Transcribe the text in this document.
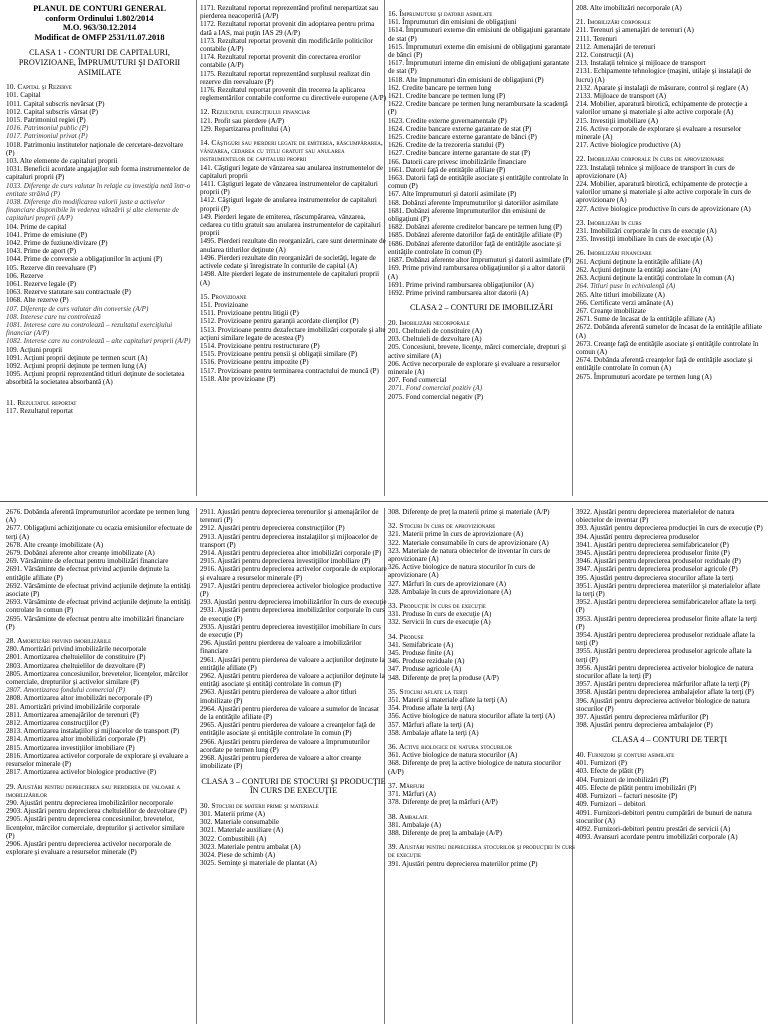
PLANUL DE CONTURI GENERAL
conform Ordinului 1.802/2014
M.O. 963/30.12.2014
Modificat de OMFP 2531/11.07.2018
CLASA 1 - CONTURI DE CAPITALURI, PROVIZIOANE, ÎMPRUMUTURI ŞI DATORII ASIMILATE
10. Capital şi Rezerve
101. Capital
1011. Capital subscris nevărsat (P)
1012. Capital subscris vărsat (P)
1015. Patrimoniul regiei (P)
1016. Patrimoniul public (P)
1017. Patrimoniul privat (P)
1018. Patrimoniu institutelor naţionale de cercetare-dezvoltare (P)
103. Alte elemente de capitaluri proprii
1031. Beneficii acordate angajaţilor sub forma instrumentelor de capitaluri proprii (P)
1033. Diferenţe de curs valutar în relaţie cu investiţia netă într-o entitate străină (P)
1038. Diferenţe din modificarea valorii juste a activelor financiare disponibile în vederea vânzării şi alte elemente de capitaluri proprii (A/P)
104. Prime de capital
1041. Prime de emisiune (P)
1042. Prime de fuziune/divizare (P)
1043. Prime de aport (P)
1044. Prime de conversie a obligaţiunilor în acţiuni (P)
105. Rezerve din reevaluare (P)
106. Rezerve
1061. Rezerve legale (P)
1063. Rezerve statutare sau contractuale (P)
1068. Alte rezerve (P)
107. Diferenţe de curs valutar din conversie (A/P)
108. Interese care nu controlează
1081. Interese care nu controlează – rezultatul exerciţiului financiar (A/P)
1082. Interese care nu controlează – alte capitaluri proprii (A/P)
109. Acţiuni proprii
1091. Acţiuni proprii deţinute pe termen scurt (A)
1092. Acţiuni proprii deţinute pe termen lung (A)
1095. Acţiuni proprii reprezentând titluri deţinute de societatea absorbită la societatea absorbantă (A)
11. Rezultatul reportat
117. Rezultatul reportat
1171. Rezultatul reportat reprezentând profitul nerepartizat sau pierderea neacoperită (A/P)
1172. Rezultatul reportat provenit din adoptarea pentru prima dată a IAS, mai puţin IAS 29 (A/P)
1173. Rezultatul reportat provenit din modificările politicilor contabile (A/P)
1174. Rezultatul reportat provenit din corectarea erorilor contabile (A/P)
1175. Rezultatul reportat reprezentând surplusul realizat din rezerve din reevaluare (P)
1176. Rezultatul reportat provenit din trecerea la aplicarea reglementărilor contabile conforme cu directivele europene (A/P)
12. Rezultatul exerciţiului financiar
121. Profit sau pierdere (A/P)
129. Repartizarea profitului (A)
14. Câştiguri sau pierderi legate de emiterea, răscumpărarea, vânzarea, cedarea cu titlu gratuit sau anularea instrumentelor de capitaluri proprii
141. Câştiguri legate de vânzarea sau anularea instrumentelor de capitaluri proprii
1411. Câştiguri legate de vânzarea instrumentelor de capitaluri proprii (P)
1412. Câştiguri legate de anularea instrumentelor de capitaluri proprii (P)
149. Pierderi legate de emiterea, răscumpărarea, vânzarea, cedarea cu titlu gratuit sau anularea instrumentelor de capitaluri proprii
1495. Pierderi rezultate din reorganizări, care sunt determinate de anularea titlurilor deţinute (A)
1496. Pierderi rezultate din reorganizări de societăţi, legate de activele cedate şi înregistrate în conturile de capital (A)
1498. Alte pierderi legate de instrumentele de capitaluri proprii (A)
15. Provizioane
151. Provizioane
1511. Provizioane pentru litigii (P)
1512. Provizioane pentru garanţii acordate clienţilor (P)
1513. Provizioane pentru dezafectare imobilizări corporale şi alte acţiuni similare legate de acestea (P)
1514. Provizioane pentru restructurare (P)
1515. Provizioane pentru pensii şi obligaţii similare (P)
1516. Provizioane pentru impozite (P)
1517. Provizioane pentru terminarea contractului de muncă (P)
1518. Alte provizioane (P)
16. Împrumuturi şi datorii asimilate
161. Împrumuturi din emisiuni de obligaţiuni
1614. Împrumuturi externe din emisiuni de obligaţiuni garantate de stat (P)
1615. Împrumuturi externe din emisiuni de obligaţiuni garantate de bănci (P)
1617. Împrumuturi interne din emisiuni de obligaţiuni garantate de stat (P)
1618. Alte împrumuturi din emisiuni de obligaţiuni (P)
162. Credite bancare pe termen lung
1621. Credite bancare pe termen lung (P)
1622. Credite bancare pe termen lung nerambursate la scadenţă (P)
1623. Credite externe guvernamentale (P)
1624. Credite bancare externe garantate de stat (P)
1625. Credite bancare externe garantate de bănci (P)
1626. Credite de la trezoreria statului (P)
1627. Credite bancare interne garantate de stat (P)
166. Datorii care privesc imobilizările financiare
1661. Datorii faţă de entităţile afiliate (P)
1663. Datorii faţă de entităţile asociate şi entităţile controlate în comun (P)
167. Alte împrumuturi şi datorii asimilate (P)
168. Dobânzi aferente împrumuturilor şi datoriilor asimilate
1681. Dobânzi aferente împrumuturilor din emisiuni de obligaţiuni (P)
1682. Dobânzi aferente creditelor bancare pe termen lung (P)
1685. Dobânzi aferente datoriilor faţă de entităţile afiliate (P)
1686. Dobânzi aferente datoriilor faţă de entităţile asociate şi entităţile controlate în comun (P)
1687. Dobânzi aferente altor împrumuturi şi datorii asimilate (P)
169. Prime privind rambursarea obligaţiunilor şi a altor datorii (A)
1691. Prime privind rambursarea obligaţiunilor (A)
1692. Prime privind rambursarea altor datorii (A)
CLASA 2 – CONTURI DE IMOBILIZĂRI
20. Imobilizări necorporale
201. Cheltuieli de constituire (A)
203. Cheltuieli de dezvoltare (A)
205. Concesiuni, brevete, licenţe, mărci comerciale, drepturi şi active similare (A)
206. Active necorporale de explorare şi evaluare a resurselor minerale (A)
207. Fond comercial
2071. Fond comercial pozitiv (A)
2075. Fond comercial negativ (P)
208. Alte imobilizări necorporale (A)
21. Imobilizări corporale
211. Terenuri şi amenajări de terenuri (A)
2111. Terenuri
2112. Amenajări de terenuri
212. Construcţii (A)
213. Instalaţii tehnice şi mijloace de transport
2131. Echipamente tehnologice (maşini, utilaje şi instalaţii de lucru) (A)
2132. Aparate şi instalaţii de măsurare, control şi reglare (A)
2133. Mijloace de transport (A)
214. Mobilier, aparatură birotică, echipamente de protecţie a valorilor umane şi materiale şi alte active corporale (A)
215. Investiţii imobiliare (A)
216. Active corporale de explorare şi evaluare a resurselor minerale (A)
217. Active biologice productive (A)
22. Imobilizări corporale în curs de aprovizionare
223. Instalaţii tehnice şi mijloace de transport în curs de aprovizionare (A)
224. Mobilier, aparatură birotică, echipamente de protecţie a valorilor umane şi materiale şi alte active corporale în curs de aprovizionare (A)
227. Active biologice productive în curs de aprovizionare (A)
23. Imobilizări în curs
231. Imobilizări corporale în curs de execuţie (A)
235. Investiţii imobiliare în curs de execuţie (A)
26. Imobilizări financiare
261. Acţiuni deţinute la entităţile afiliate (A)
262. Acţiuni deţinute la entităţi asociate (A)
263. Acţiuni deţinute la entităţi controlate în comun (A)
264. Titluri puse în echivalenţă (A)
265. Alte titluri imobilizate (A)
266. Certificate verzi amânate (A)
267. Creanţe imobilizate
2671. Sume de încasat de la entităţile afiliate (A)
2672. Dobânda aferentă sumelor de încasat de la entităţile afiliate (A)
2673. Creanţe faţă de entităţile asociate şi entităţile controlate în comun (A)
2674. Dobânda aferentă creanţelor faţă de entităţile asociate şi entităţile controlate în comun (A)
2675. Împrumuturi acordate pe termen lung (A)
2676. Dobânda aferentă împrumuturilor acordate pe termen lung (A)
2677. Obligaţiuni achiziţionate cu ocazia emisiunilor efectuate de terţi (A)
2678. Alte creanţe imobilizate (A)
2679. Dobânzi aferente altor creanţe imobilizate (A)
269. Vărsăminte de efectuat pentru imobilizări financiare
2691. Vărsăminte de efectuat privind acţiunile deţinute la entităţile afiliate (P)
2692. Vărsăminte de efectuat privind acţiunile deţinute la entităţi asociate (P)
2693. Vărsăminte de efectuat privind acţiunile deţinute la entităţi controlate în comun (P)
2695. Vărsăminte de efectuat pentru alte imobilizări financiare (P)
28. Amortizări privind imobilizările
280. Amortizări privind imobilizările necorporale
2801. Amortizarea cheltuielilor de constituire (P)
2803. Amortizarea cheltuielilor de dezvoltare (P)
2805. Amortizarea concesiunilor, brevetelor, licenţelor, mărcilor comerciale, drepturilor şi activelor similare (P)
2807. Amortizarea fondului comercial (P)
2808. Amortizarea altor imobilizări necorporale (P)
281. Amortizări privind imobilizările corporale
2811. Amortizarea amenajărilor de terenuri (P)
2812. Amortizarea construcţiilor (P)
2813. Amortizarea instalaţiilor şi mijloacelor de transport (P)
2814. Amortizarea altor imobilizări corporale (P)
2815. Amortizarea investiţiilor imobiliare (P)
2816. Amortizarea activelor corporale de explorare şi evaluare a resurselor minerale (P)
2817. Amortizarea activelor biologice productive (P)
29. Ajustări pentru deprecierea sau pierderea de valoare a imobilizărilor
290. Ajustări pentru deprecierea imobilizărilor necorporale
2903. Ajustări pentru deprecierea cheltuielilor de dezvoltare (P)
2905. Ajustări pentru deprecierea concesiunilor, brevetelor, licenţelor, mărcilor comerciale, drepturilor şi activelor similare (P)
2906. Ajustări pentru deprecierea activelor necorporale de explorare şi evaluare a resurselor minerale (P)
2911. Ajustări pentru deprecierea terenurilor şi amenajărilor de terenuri (P)
2912. Ajustări pentru deprecierea construcţiilor (P)
2913. Ajustări pentru deprecierea instalaţiilor şi mijloacelor de transport (P)
2914. Ajustări pentru deprecierea altor imobilizări corporale (P)
2915. Ajustări pentru deprecierea investiţiilor imobiliare (P)
2916. Ajustări pentru deprecierea activelor corporale de explorare şi evaluare a resurselor minerale (P)
2917. Ajustări pentru deprecierea activelor biologice productive (P)
293. Ajustări pentru deprecierea imobilizărilor în curs de execuţie
2931. Ajustări pentru deprecierea imobilizărilor corporale în curs de execuţie (P)
2935. Ajustări pentru deprecierea investiţiilor imobiliare în curs de execuţie (P)
296. Ajustări pentru pierderea de valoare a imobilizărilor financiare
2961. Ajustări pentru pierderea de valoare a acţiunilor deţinute la entităţile afiliate (P)
2962. Ajustări pentru pierderea de valoare a acţiunilor deţinute la entităţi asociate şi entităţi controlate în comun (P)
2963. Ajustări pentru pierderea de valoare a altor titluri imobilizate (P)
2964. Ajustări pentru pierderea de valoare a sumelor de încasat de la entităţile afiliate (P)
2965. Ajustări pentru pierderea de valoare a creanţelor faţă de entităţile asociate şi entităţile controlate în comun (P)
2966. Ajustări pentru pierderea de valoare a împrumuturilor acordate pe termen lung (P)
2968. Ajustări pentru pierderea de valoare a altor creanţe imobilizate (P)
CLASA 3 – CONTURI DE STOCURI ŞI PRODUCŢIE ÎN CURS DE EXECUŢIE
30. Stocuri de materii prime şi materiale
301. Materii prime (A)
302. Materiale consumabile
3021. Materiale auxiliare (A)
3022. Combustibili (A)
3023. Materiale pentru ambalat (A)
3024. Piese de schimb (A)
3025. Seminţe şi materiale de plantat (A)
308. Diferenţe de preţ la materii prime şi materiale (A/P)
32. Stocuri în curs de aprovizionare
321. Materii prime în curs de aprovizionare (A)
322. Materiale consumabile în curs de aprovizionare (A)
323. Materiale de natura obiectelor de inventar în curs de aprovizionare (A)
326. Active biologice de natura stocurilor în curs de aprovizionare (A)
327. Mărfuri în curs de aprovizionare (A)
328. Ambalaje în curs de aprovizionare (A)
33. Producţie în curs de execuţie
331. Produse în curs de execuţie (A)
332. Servicii în curs de execuţie (A)
34. Produse
341. Semifabricate (A)
345. Produse finite (A)
346. Produse reziduale (A)
347. Produse agricole (A)
348. Diferenţe de preţ la produse (A/P)
35. Stocuri aflate la terţi
351. Materii şi materiale aflate la terţi (A)
354. Produse aflate la terţi (A)
356. Active biologice de natura stocurilor aflate la terţi (A)
357. Mărfuri aflate la terţi (A)
358. Ambalaje aflate la terţi (A)
36. Active biologice de natura stocurilor
361. Active biologice de natura stocurilor (A)
368. Diferenţe de preţ la active biologice de natura stocurilor (A/P)
37. Mărfuri
371. Mărfuri (A)
378. Diferenţe de preţ la mărfuri (A/P)
38. Ambalaje
381. Ambalaje (A)
388. Diferenţe de preţ la ambalaje (A/P)
39. Ajustări pentru deprecierea stocurilor şi producţiei în curs de execuţie
391. Ajustări pentru deprecierea materiilor prime (P)
3922. Ajustări pentru deprecierea materialelor de natura obiectelor de inventar (P)
393. Ajustări pentru deprecierea producţiei în curs de execuţie (P)
394. Ajustări pentru deprecierea produselor
3941. Ajustări pentru deprecierea semifabricatelor (P)
3945. Ajustări pentru deprecierea produselor finite (P)
3946. Ajustări pentru deprecierea produselor reziduale (P)
3947. Ajustări pentru deprecierea produselor agricole (P)
395. Ajustări pentru deprecierea stocurilor aflate la terţi
3951. Ajustări pentru deprecierea materiilor şi materialelor aflate la terţi (P)
3952. Ajustări pentru deprecierea semifabricatelor aflate la terţi (P)
3953. Ajustări pentru deprecierea produselor finite aflate la terţi (P)
3954. Ajustări pentru deprecierea produselor reziduale aflate la terţi (P)
3955. Ajustări pentru deprecierea produselor agricole aflate la terţi (P)
3956. Ajustări pentru deprecierea activelor biologice de natura stocurilor aflate la terţi (P)
3957. Ajustări pentru deprecierea mărfurilor aflate la terţi (P)
3958. Ajustări pentru deprecierea ambalajelor aflate la terţi (P)
396. Ajustări pentru deprecierea activelor biologice de natura stocurilor (P)
397. Ajustări pentru deprecierea mărfurilor (P)
398. Ajustări pentru deprecierea ambalajelor (P)
CLASA 4 – CONTURI DE TERŢI
40. Furnizori şi conturi asimilate
401. Furnizori (P)
403. Efecte de plătit (P)
404. Furnizori de imobilizări (P)
405. Efecte de plătit pentru imobilizări (P)
408. Furnizori – facturi nesosite (P)
409. Furnizori – debitori
4091. Furnizori-debitori pentru cumpărări de bunuri de natura stocurilor (A)
4092. Furnizori-debitori pentru prestări de servicii (A)
4093. Avansuri acordate pentru imobilizări corporale (A)
